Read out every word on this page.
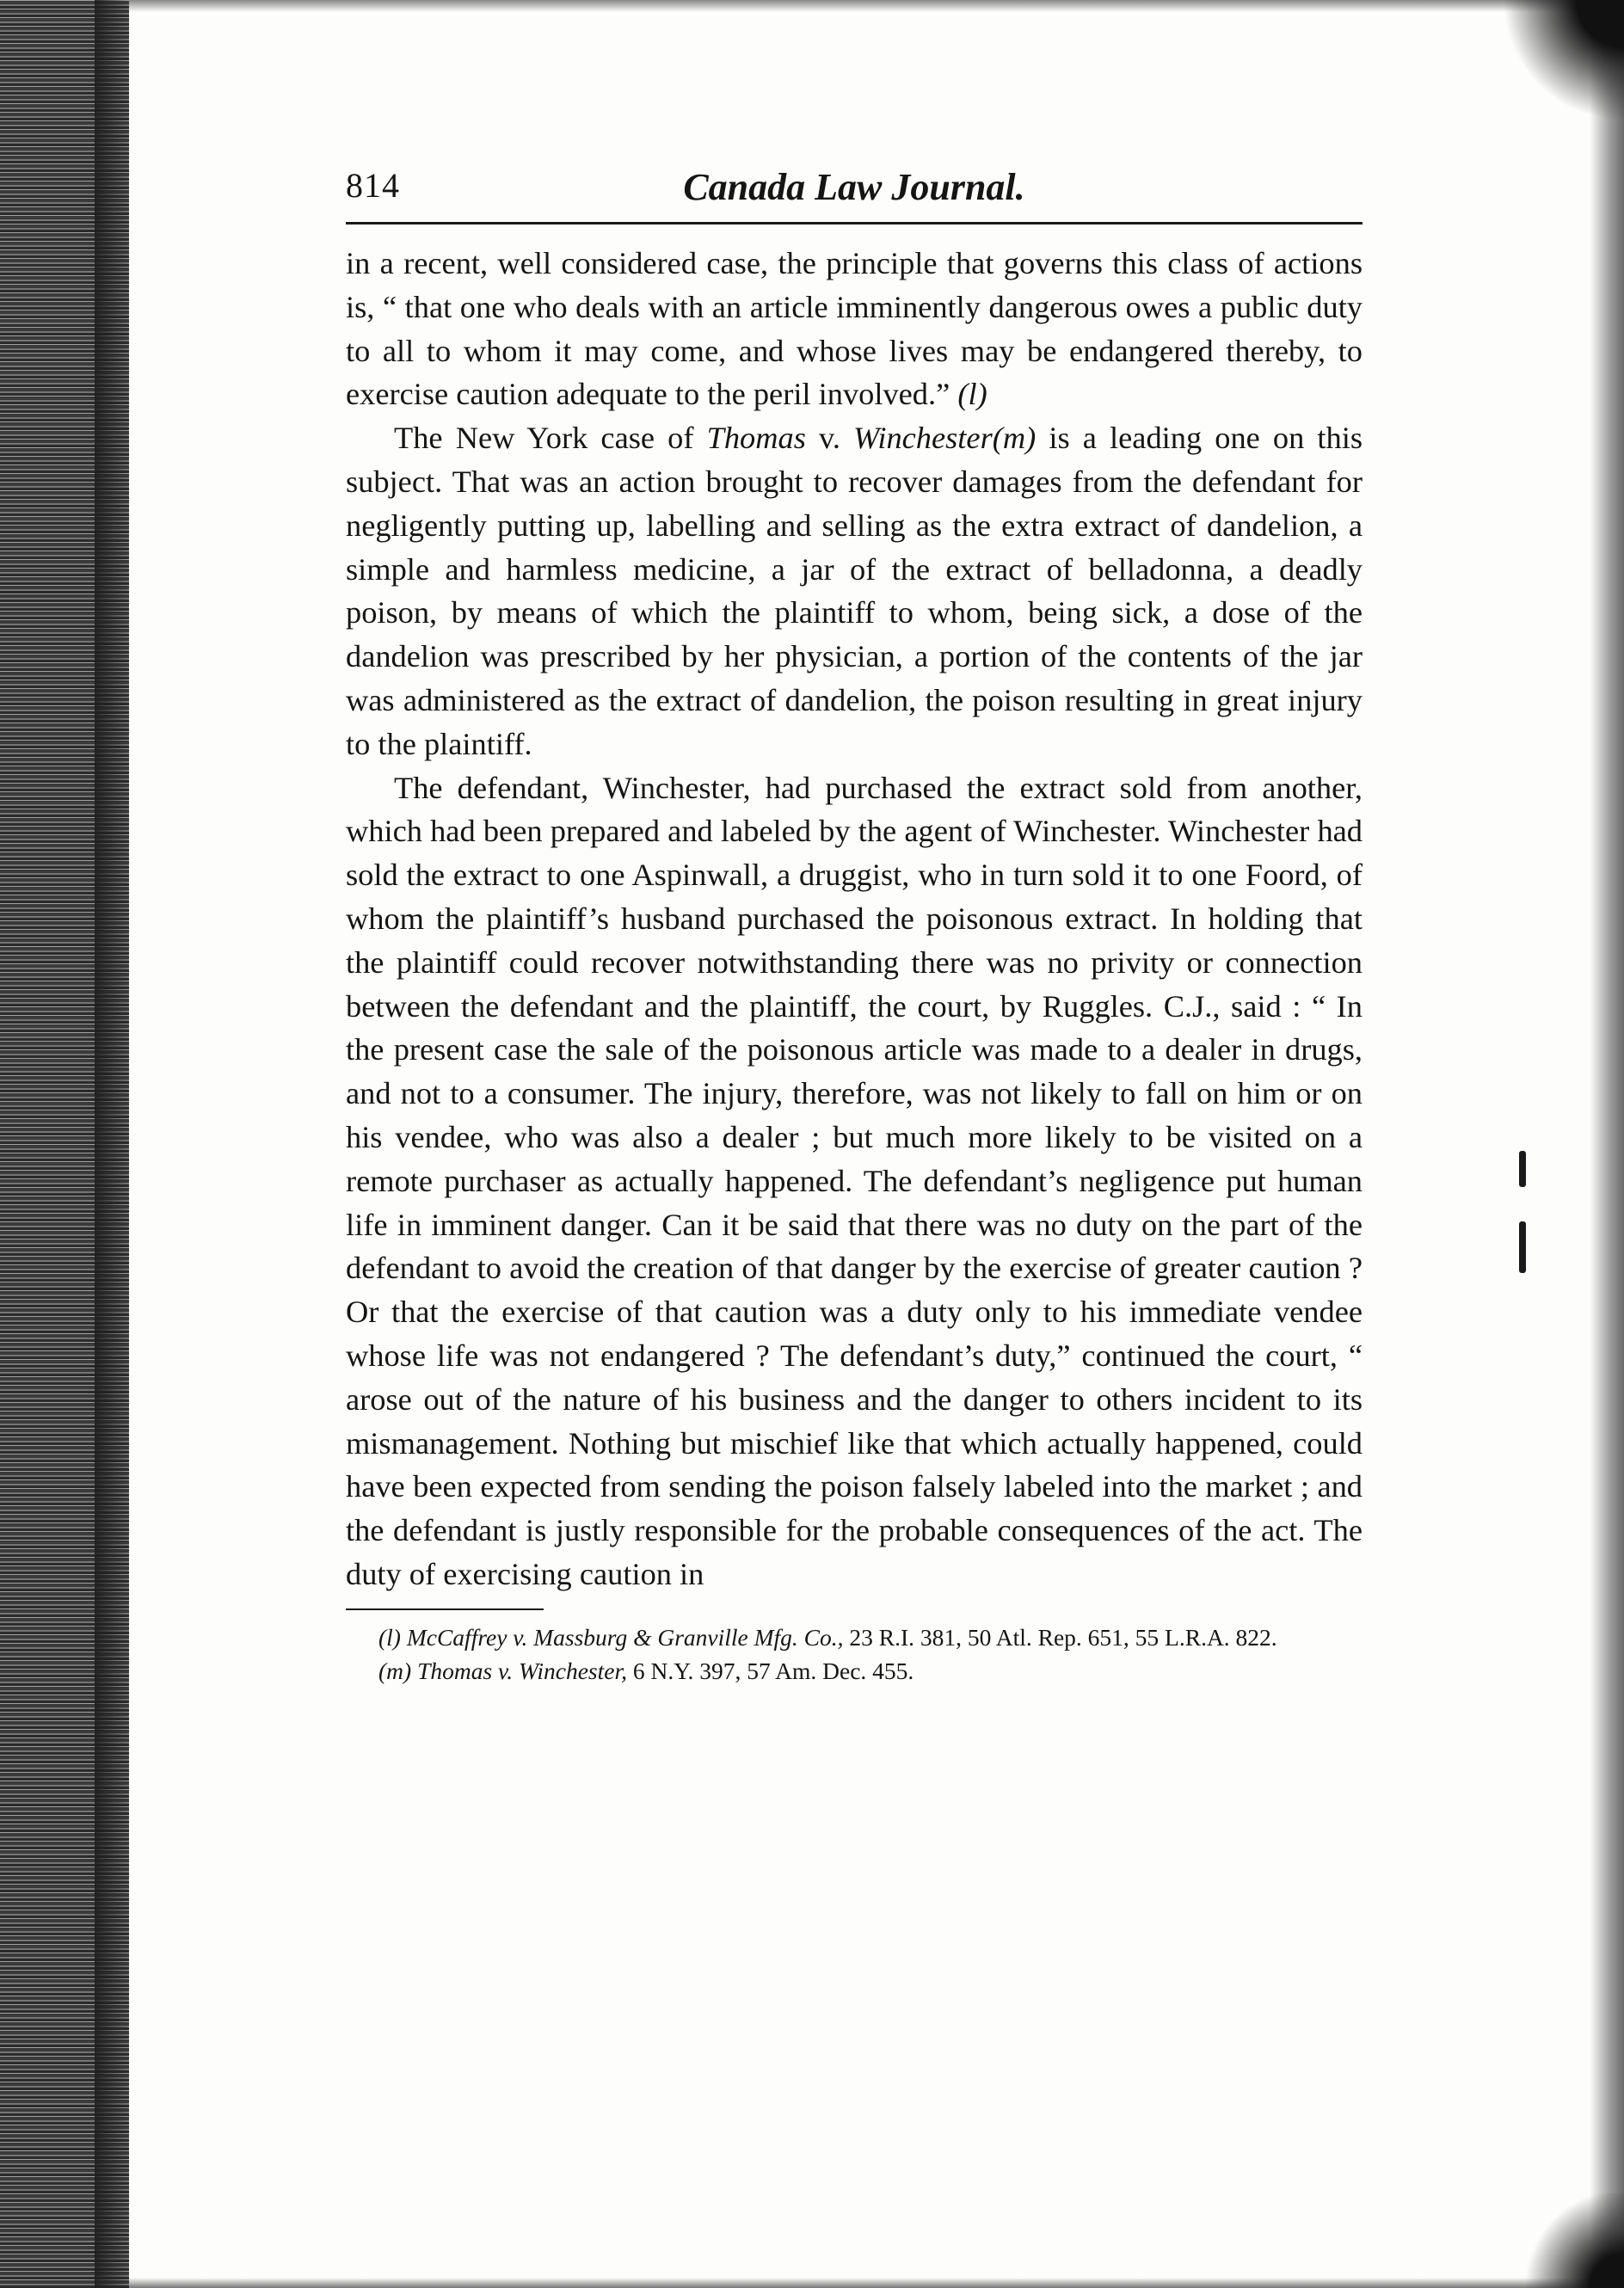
814	Canada Law Journal.

in a recent, well considered case, the principle that governs this class of actions is, “ that one who deals with an article imminently dangerous owes a public duty to all to whom it may come, and whose lives may be endangered thereby, to exercise caution adequate to the peril involved.” (l)

The New York case of Thomas v. Winchester(m) is a leading one on this subject. That was an action brought to recover damages from the defendant for negligently putting up, labelling and selling as the extra extract of dandelion, a simple and harmless medicine, a jar of the extract of belladonna, a deadly poison, by means of which the plaintiff to whom, being sick, a dose of the dandelion was prescribed by her physician, a portion of the contents of the jar was administered as the extract of dandelion, the poison resulting in great injury to the plaintiff.

The defendant, Winchester, had purchased the extract sold from another, which had been prepared and labeled by the agent of Winchester. Winchester had sold the extract to one Aspinwall, a druggist, who in turn sold it to one Foord, of whom the plaintiff’s husband purchased the poisonous extract. In holding that the plaintiff could recover notwithstanding there was no privity or connection between the defendant and the plaintiff, the court, by Ruggles. C.J., said : “ In the present case the sale of the poisonous article was made to a dealer in drugs, and not to a consumer. The injury, therefore, was not likely to fall on him or on his vendee, who was also a dealer ; but much more likely to be visited on a remote purchaser as actually happened. The defendant’s negligence put human life in imminent danger. Can it be said that there was no duty on the part of the defendant to avoid the creation of that danger by the exercise of greater caution ? Or that the exercise of that caution was a duty only to his immediate vendee whose life was not endangered ? The defendant’s duty,” continued the court, “ arose out of the nature of his business and the danger to others incident to its mismanagement. Nothing but mischief like that which actually happened, could have been expected from sending the poison falsely labeled into the market ; and the defendant is justly responsible for the probable consequences of the act. The duty of exercising caution in

(l) McCaffrey v. Massburg & Granville Mfg. Co., 23 R.I. 381, 50 Atl. Rep. 651, 55 L.R.A. 822.

(m) Thomas v. Winchester, 6 N.Y. 397, 57 Am. Dec. 455.
